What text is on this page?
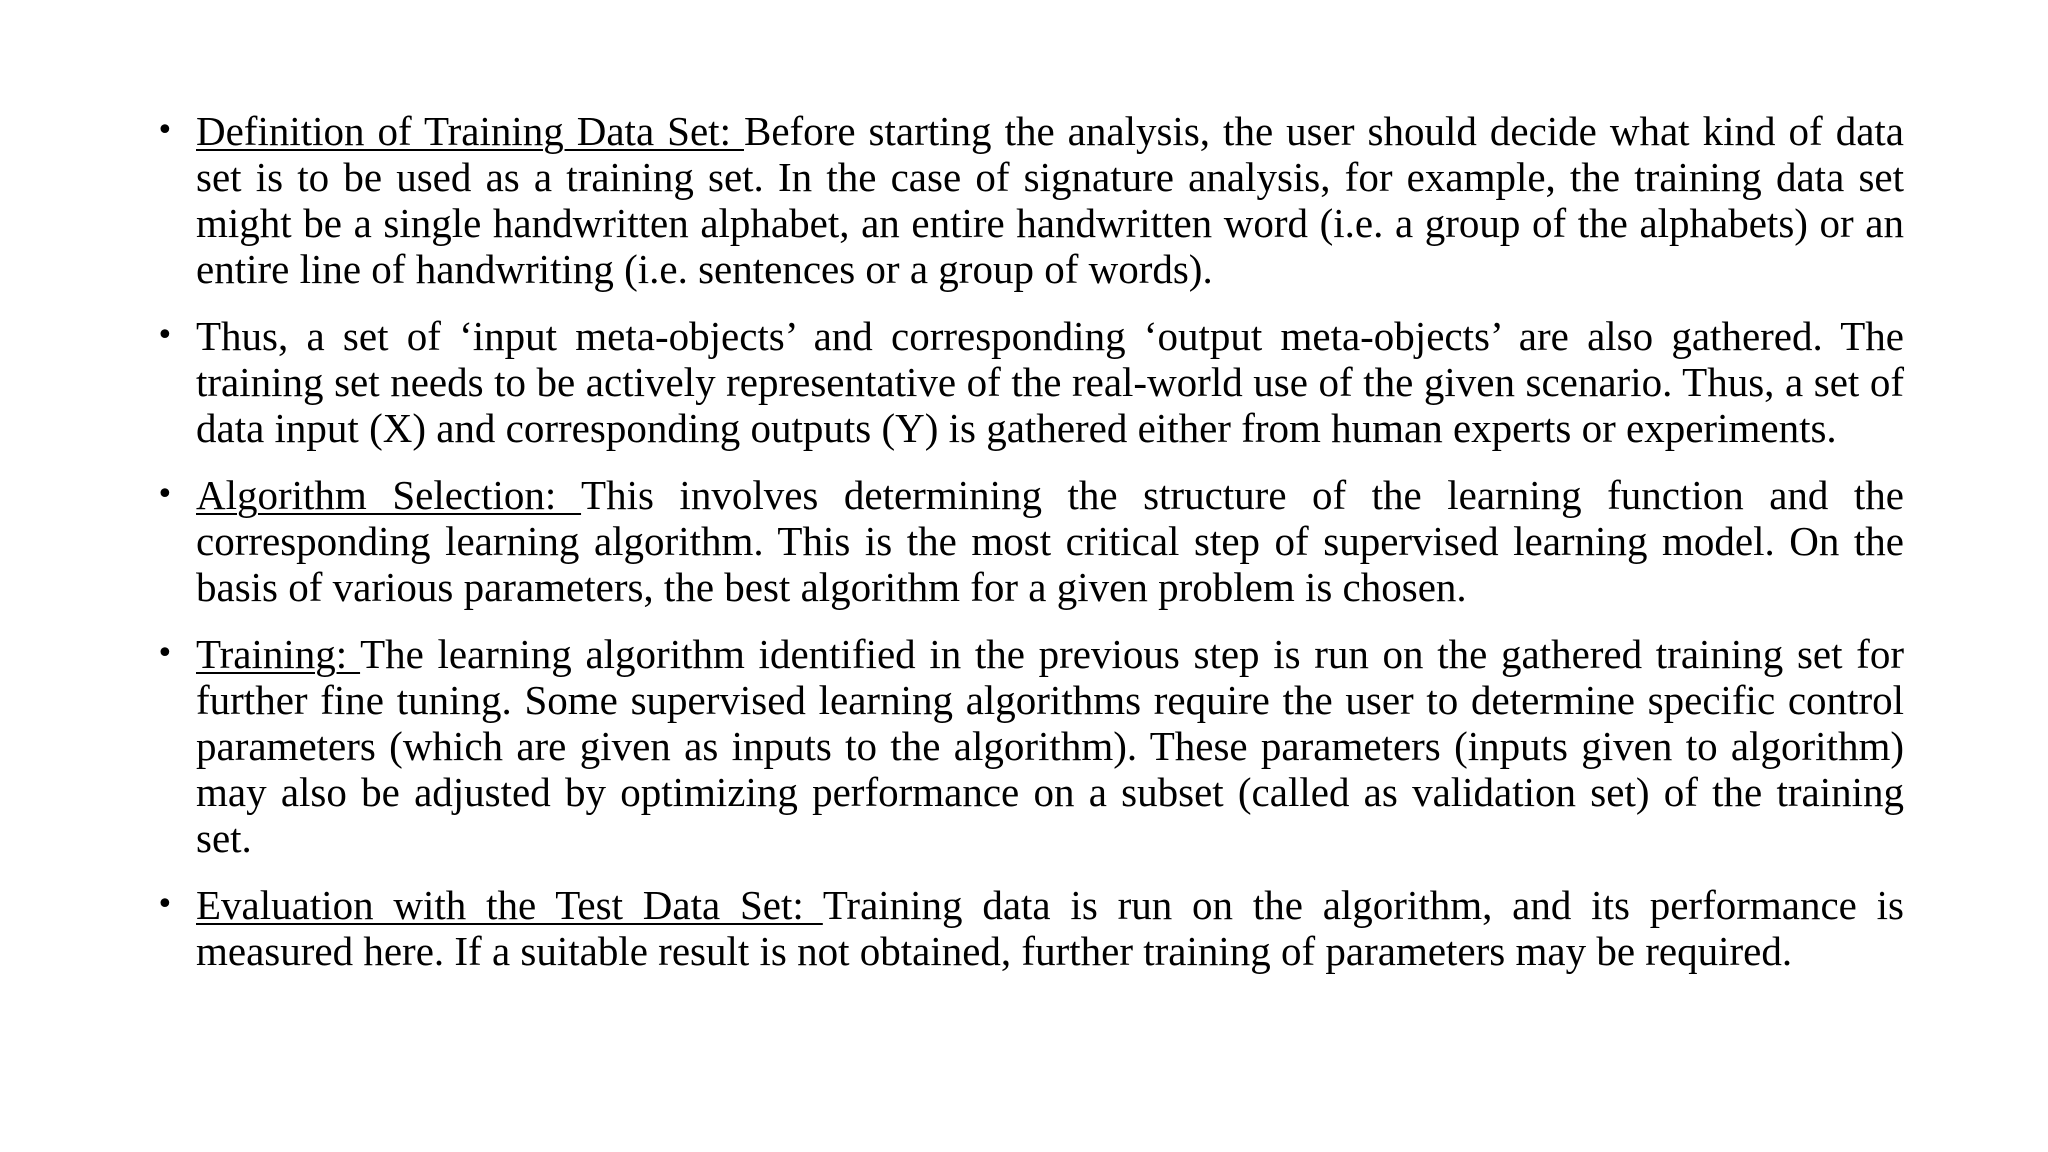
• Definition of Training Data Set: Before starting the analysis, the user should decide what kind of data set is to be used as a training set. In the case of signature analysis, for example, the training data set might be a single handwritten alphabet, an entire handwritten word (i.e. a group of the alphabets) or an entire line of handwriting (i.e. sentences or a group of words).
• Thus, a set of ‘input meta-objects’ and corresponding ‘output meta-objects’ are also gathered. The training set needs to be actively representative of the real-world use of the given scenario. Thus, a set of data input (X) and corresponding outputs (Y) is gathered either from human experts or experiments.
• Algorithm Selection: This involves determining the structure of the learning function and the corresponding learning algorithm. This is the most critical step of supervised learning model. On the basis of various parameters, the best algorithm for a given problem is chosen.
• Training: The learning algorithm identified in the previous step is run on the gathered training set for further fine tuning. Some supervised learning algorithms require the user to determine specific control parameters (which are given as inputs to the algorithm). These parameters (inputs given to algorithm) may also be adjusted by optimizing performance on a subset (called as validation set) of the training set.
• Evaluation with the Test Data Set: Training data is run on the algorithm, and its performance is measured here. If a suitable result is not obtained, further training of parameters may be required.
